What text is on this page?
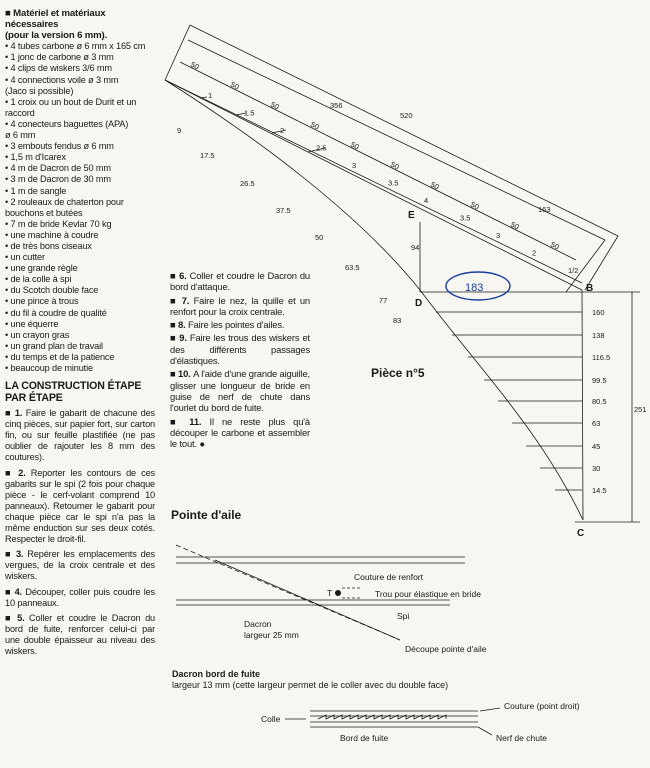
■ Matériel et matériaux nécessaires
(pour la version 6 mm).
• 4 tubes carbone ø 6 mm x 165 cm
• 1 jonc de carbone ø 3 mm
• 4 clips de wiskers 3/6 mm
• 4 connections voile ø 3 mm
(Jaco si possible)
• 1 croix ou un bout de Durit et un raccord
• 4 conecteurs baguettes (APA)
ø 6 mm
• 3 embouts fendus ø 6 mm
• 1,5 m d'Icarex
• 4 m de Dacron de 50 mm
• 3 m de Dacron de 30 mm
• 1 m de sangle
• 2 rouleaux de chaterton pour bouchons et butées
• 7 m de bride Kevlar 70 kg
• une machine à coudre
• de très bons ciseaux
• un cutter
• une grande règle
• de la colle à spi
• du Scotch double face
• une pince à trous
• du fil à coudre de qualité
• une équerre
• un crayon gras
• un grand plan de travail
• du temps et de la patience
• beaucoup de minutie
LA CONSTRUCTION ÉTAPE PAR ÉTAPE
■ 1. Faire le gabarit de chacune des cinq pièces, sur papier fort, sur carton fin, ou sur feuille plastifiée (ne pas oublier de rajouter les 8 mm des coutures).
■ 2. Reporter les contours de ces gabarits sur le spi (2 fois pour chaque pièce - le cerf-volant comprend 10 panneaux). Retourner le gabarit pour chaque pièce car le spi n'a pas la même enduction sur ses deux cotés. Respecter le droit-fil.
■ 3. Repérer les emplacements des vergues, de la croix centrale et des wiskers.
■ 4. Découper, coller puis coudre les 10 panneaux.
■ 5. Coller et coudre le Dacron du bord de fuite, renforcer celui-ci par une double épaisseur au niveau des wiskers.
■ 6. Coller et coudre le Dacron du bord d'attaque.
■ 7. Faire le nez, la quille et un renfort pour la croix centrale.
■ 8. Faire les pointes d'ailes.
■ 9. Faire les trous des wiskers et des différents passages d'élastiques.
■ 10. A l'aide d'une grande aiguille, glisser une longueur de bride en guise de nerf de chute dans l'ourlet du bord de fuite.
■ 11. Il ne reste plus qu'à découper le carbone et assembler le tout. ●
Pièce n°5
Pointe d'aile
Dacron bord de fuite
largeur 13 mm (cette largeur permet de le coller avec du double face)
183
50
50
50
50
50
50
50
50
50
50
356
520
163
1
1.5
2
2.5
3
3.5
4
3.5
3
2
1/2
9
17.5
26.5
37.5
50
63.5
77
83
94
160
138
116.5
99.5
80.5
63
45
30
14.5
251
B
C
D
E
T
Couture de renfort
Trou pour élastique en bride
Spi
Dacron
largeur 25 mm
Découpe pointe d'aile
Colle
Couture (point droit)
Bord de fuite	Nerf de chute
